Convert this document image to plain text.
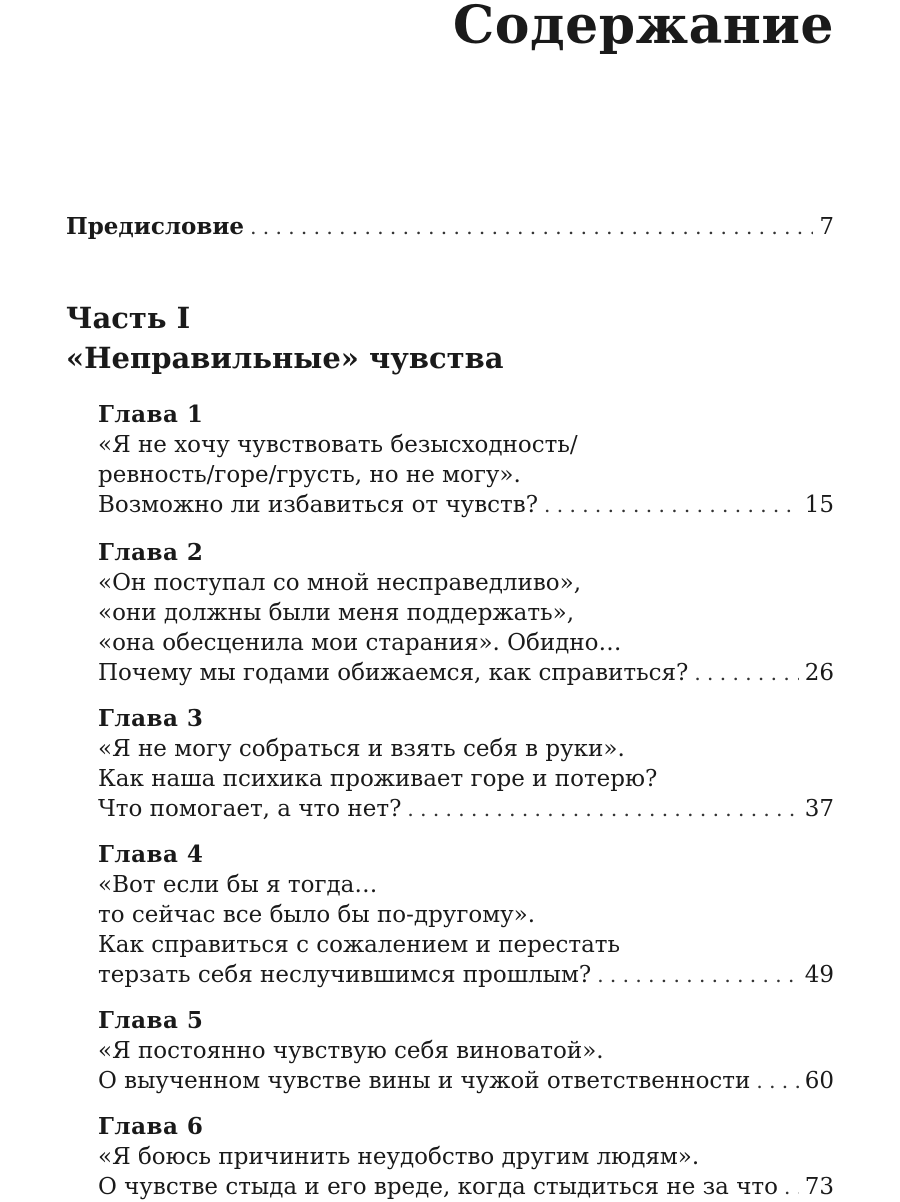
Содержание
Предисловие . . .	7
Часть I
«Неправильные» чувства
Глава 1
«Я не хочу чувствовать безысходность/
ревность/горе/грусть, но не могу».
Возможно ли избавиться от чувств? . . .	15
Глава 2
«Он поступал со мной несправедливо»,
«они должны были меня поддержать»,
«она обесценила мои старания». Обидно…
Почему мы годами обижаемся, как справиться? . . .	26
Глава 3
«Я не могу собраться и взять себя в руки».
Как наша психика проживает горе и потерю?
Что помогает, а что нет? . . .	37
Глава 4
«Вот если бы я тогда…
то сейчас все было бы по-другому».
Как справиться с сожалением и перестать
терзать себя неслучившимся прошлым? . . .	49
Глава 5
«Я постоянно чувствую себя виноватой».
О выученном чувстве вины и чужой ответственности . . . 60
Глава 6
«Я боюсь причинить неудобство другим людям».
О чувстве стыда и его вреде, когда стыдиться не за что . . . 73
